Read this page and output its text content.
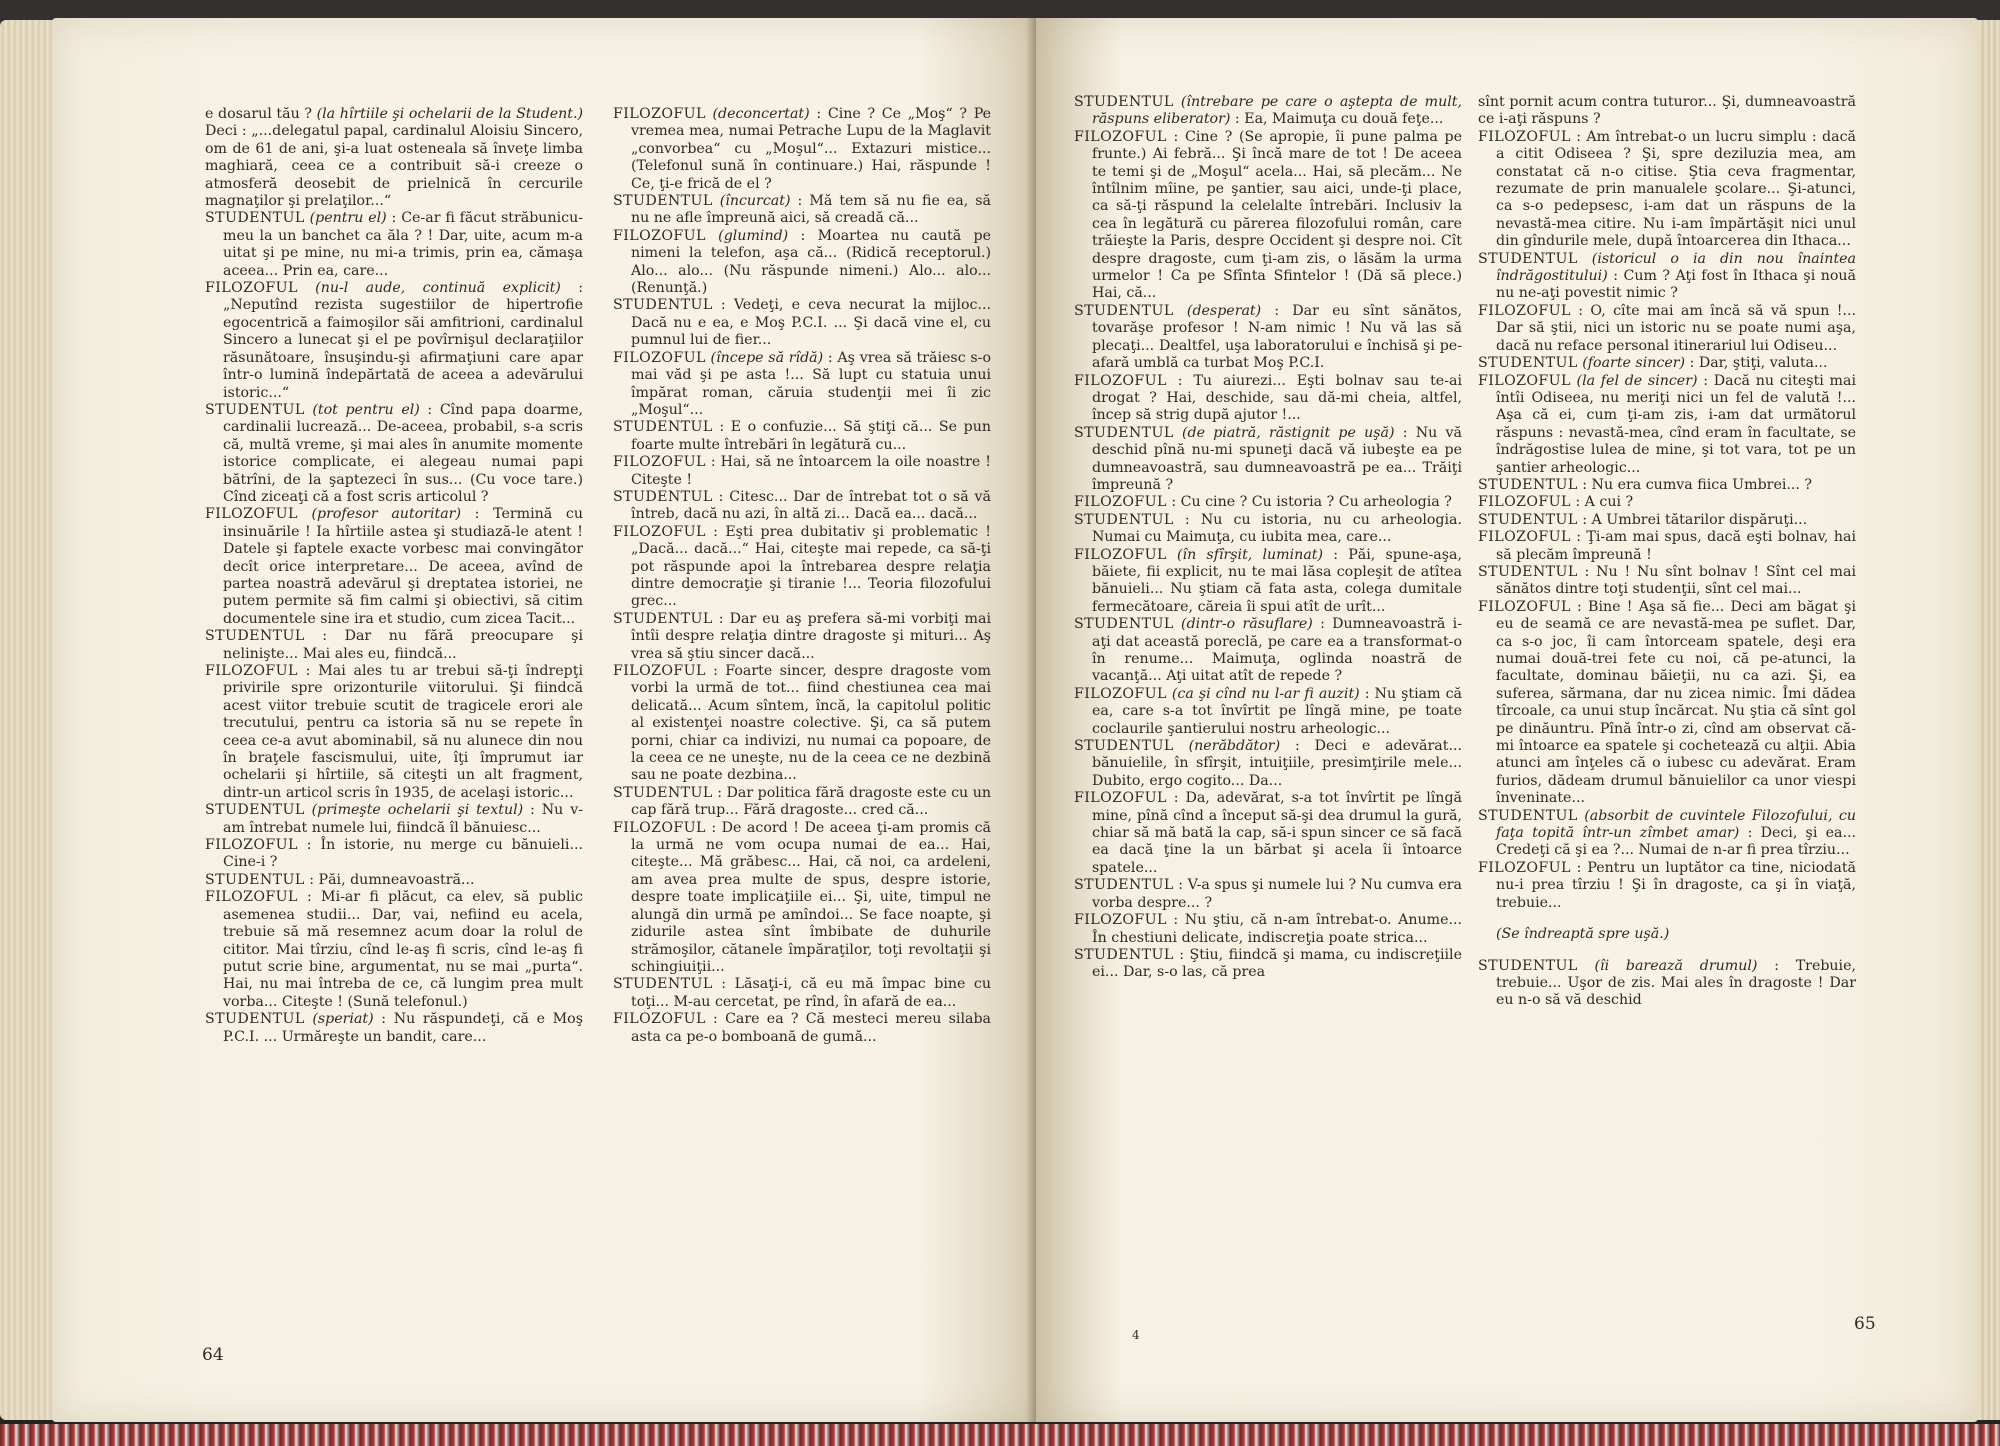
e dosarul tău ? (la hîrtiile şi ochelarii de la Student.) Deci : „...delegatul papal, cardinalul Aloisiu Sincero, om de 61 de ani, şi-a luat osteneala să înveţe limba maghiară, ceea ce a contribuit să-i creeze o atmosferă deosebit de prielnică în cercurile magnaţilor şi prelaţilor...“

STUDENTUL (pentru el) : Ce-ar fi făcut străbunicu-meu la un banchet ca ăla ? ! Dar, uite, acum m-a uitat şi pe mine, nu mi-a trimis, prin ea, cămaşa aceea... Prin ea, care...

FILOZOFUL (nu-l aude, continuă explicit) : „Neputînd rezista sugestiilor de hipertrofie egocentrică a faimoşilor săi amfitrioni, cardinalul Sincero a lunecat şi el pe povîrnişul declaraţiilor răsunătoare, însuşindu-şi afirmaţiuni care apar într-o lumină îndepărtată de aceea a adevărului istoric...“

STUDENTUL (tot pentru el) : Cînd papa doarme, cardinalii lucrează... De-aceea, probabil, s-a scris că, multă vreme, şi mai ales în anumite momente istorice complicate, ei alegeau numai papi bătrîni, de la şaptezeci în sus... (Cu voce tare.) Cînd ziceaţi că a fost scris articolul ?

FILOZOFUL (profesor autoritar) : Termină cu insinuările ! Ia hîrtiile astea şi studiază-le atent ! Datele şi faptele exacte vorbesc mai convingător decît orice interpretare... De aceea, avînd de partea noastră adevărul şi dreptatea istoriei, ne putem permite să fim calmi şi obiectivi, să citim documentele sine ira et studio, cum zicea Tacit...

STUDENTUL : Dar nu fără preocupare şi nelinişte... Mai ales eu, fiindcă...

FILOZOFUL : Mai ales tu ar trebui să-ţi îndrepţi privirile spre orizonturile viitorului. Şi fiindcă acest viitor trebuie scutit de tragicele erori ale trecutului, pentru ca istoria să nu se repete în ceea ce-a avut abominabil, să nu alunece din nou în braţele fascismului, uite, îţi împrumut iar ochelarii şi hîrtiile, să citeşti un alt fragment, dintr-un articol scris în 1935, de acelaşi istoric...

STUDENTUL (primeşte ochelarii şi textul) : Nu v-am întrebat numele lui, fiindcă îl bănuiesc...

FILOZOFUL : În istorie, nu merge cu bănuieli... Cine-i ?

STUDENTUL : Păi, dumneavoastră...

FILOZOFUL : Mi-ar fi plăcut, ca elev, să public asemenea studii... Dar, vai, nefiind eu acela, trebuie să mă resemnez acum doar la rolul de cititor. Mai tîrziu, cînd le-aş fi scris, cînd le-aş fi putut scrie bine, argumentat, nu se mai „purta“. Hai, nu mai întreba de ce, că lungim prea mult vorba... Citeşte ! (Sună telefonul.)

STUDENTUL (speriat) : Nu răspundeţi, că e Moş P.C.I. ... Urmăreşte un bandit, care...

FILOZOFUL (deconcertat) : Cine ? Ce „Moş“ ? Pe vremea mea, numai Petrache Lupu de la Maglavit „convorbea“ cu „Moşul“... Extazuri mistice... (Telefonul sună în continuare.) Hai, răspunde ! Ce, ţi-e frică de el ?

STUDENTUL (încurcat) : Mă tem să nu fie ea, să nu ne afle împreună aici, să creadă că...

FILOZOFUL (glumind) : Moartea nu caută pe nimeni la telefon, aşa că... (Ridică receptorul.) Alo... alo... (Nu răspunde nimeni.) Alo... alo... (Renunţă.)

STUDENTUL : Vedeţi, e ceva necurat la mijloc... Dacă nu e ea, e Moş P.C.I. ... Şi dacă vine el, cu pumnul lui de fier...

FILOZOFUL (începe să rîdă) : Aş vrea să trăiesc s-o mai văd şi pe asta !... Să lupt cu statuia unui împărat roman, căruia studenţii mei îi zic „Moşul“...

STUDENTUL : E o confuzie... Să ştiţi că... Se pun foarte multe întrebări în legătură cu...

FILOZOFUL : Hai, să ne întoarcem la oile noastre ! Citeşte !

STUDENTUL : Citesc... Dar de întrebat tot o să vă întreb, dacă nu azi, în altă zi... Dacă ea... dacă...

FILOZOFUL : Eşti prea dubitativ şi problematic ! „Dacă... dacă...“ Hai, citeşte mai repede, ca să-ţi pot răspunde apoi la întrebarea despre relaţia dintre democraţie şi tiranie !... Teoria filozofului grec...

STUDENTUL : Dar eu aş prefera să-mi vorbiţi mai întîi despre relaţia dintre dragoste şi mituri... Aş vrea să ştiu sincer dacă...

FILOZOFUL : Foarte sincer, despre dragoste vom vorbi la urmă de tot... fiind chestiunea cea mai delicată... Acum sîntem, încă, la capitolul politic al existenţei noastre colective. Şi, ca să putem porni, chiar ca indivizi, nu numai ca popoare, de la ceea ce ne uneşte, nu de la ceea ce ne dezbină sau ne poate dezbina...

STUDENTUL : Dar politica fără dragoste este cu un cap fără trup... Fără dragoste... cred că...

FILOZOFUL : De acord ! De aceea ţi-am promis că la urmă ne vom ocupa numai de ea... Hai, citeşte... Mă grăbesc... Hai, că noi, ca ardeleni, am avea prea multe de spus, despre istorie, despre toate implicaţiile ei... Şi, uite, timpul ne alungă din urmă pe amîndoi... Se face noapte, şi zidurile astea sînt îmbibate de duhurile strămoşilor, cătanele împăraţilor, toţi revoltaţii şi schingiuiţii...

STUDENTUL : Lăsaţi-i, că eu mă împac bine cu toţi... M-au cercetat, pe rînd, în afară de ea...

FILOZOFUL : Care ea ? Că mesteci mereu silaba asta ca pe-o bomboană de gumă...

64

STUDENTUL (întrebare pe care o aştepta de mult, răspuns eliberator) : Ea, Maimuţa cu două feţe...

FILOZOFUL : Cine ? (Se apropie, îi pune palma pe frunte.) Ai febră... Şi încă mare de tot ! De aceea te temi şi de „Moşul“ acela... Hai, să plecăm... Ne întîlnim mîine, pe şantier, sau aici, unde-ţi place, ca să-ţi răspund la celelalte întrebări. Inclusiv la cea în legătură cu părerea filozofului român, care trăieşte la Paris, despre Occident şi despre noi. Cît despre dragoste, cum ţi-am zis, o lăsăm la urma urmelor ! Ca pe Sfînta Sfintelor ! (Dă să plece.) Hai, că...

STUDENTUL (desperat) : Dar eu sînt sănătos, tovarăşe profesor ! N-am nimic ! Nu vă las să plecaţi... Dealtfel, uşa laboratorului e închisă şi pe-afară umblă ca turbat Moş P.C.I.

FILOZOFUL : Tu aiurezi... Eşti bolnav sau te-ai drogat ? Hai, deschide, sau dă-mi cheia, altfel, încep să strig după ajutor !...

STUDENTUL (de piatră, răstignit pe uşă) : Nu vă deschid pînă nu-mi spuneţi dacă vă iubeşte ea pe dumneavoastră, sau dumneavoastră pe ea... Trăiţi împreună ?

FILOZOFUL : Cu cine ? Cu istoria ? Cu arheologia ?

STUDENTUL : Nu cu istoria, nu cu arheologia. Numai cu Maimuţa, cu iubita mea, care...

FILOZOFUL (în sfîrşit, luminat) : Păi, spune-aşa, băiete, fii explicit, nu te mai lăsa copleşit de atîtea bănuieli... Nu ştiam că fata asta, colega dumitale fermecătoare, căreia îi spui atît de urît...

STUDENTUL (dintr-o răsuflare) : Dumneavoastră i-aţi dat această poreclă, pe care ea a transformat-o în renume... Maimuţa, oglinda noastră de vacanţă... Aţi uitat atît de repede ?

FILOZOFUL (ca şi cînd nu l-ar fi auzit) : Nu ştiam că ea, care s-a tot învîrtit pe lîngă mine, pe toate coclaurile şantierului nostru arheologic...

STUDENTUL (nerăbdător) : Deci e adevărat... bănuielile, în sfîrşit, intuiţiile, presimţirile mele... Dubito, ergo cogito... Da...

FILOZOFUL : Da, adevărat, s-a tot învîrtit pe lîngă mine, pînă cînd a început să-şi dea drumul la gură, chiar să mă bată la cap, să-i spun sincer ce să facă ea dacă ţine la un bărbat şi acela îi întoarce spatele...

STUDENTUL : V-a spus şi numele lui ? Nu cumva era vorba despre... ?

FILOZOFUL : Nu ştiu, că n-am întrebat-o. Anume... În chestiuni delicate, indiscreţia poate strica...

STUDENTUL : Ştiu, fiindcă şi mama, cu indiscreţiile ei... Dar, s-o las, că prea

sînt pornit acum contra tuturor... Şi, dumneavoastră ce i-aţi răspuns ?

FILOZOFUL : Am întrebat-o un lucru simplu : dacă a citit Odiseea ? Şi, spre deziluzia mea, am constatat că n-o citise. Ştia ceva fragmentar, rezumate de prin manualele şcolare... Şi-atunci, ca s-o pedepsesc, i-am dat un răspuns de la nevastă-mea citire. Nu i-am împărtăşit nici unul din gîndurile mele, după întoarcerea din Ithaca...

STUDENTUL (istoricul o ia din nou înaintea îndrăgostitului) : Cum ? Aţi fost în Ithaca şi nouă nu ne-aţi povestit nimic ?

FILOZOFUL : O, cîte mai am încă să vă spun !... Dar să ştii, nici un istoric nu se poate numi aşa, dacă nu reface personal itinerariul lui Odiseu...

STUDENTUL (foarte sincer) : Dar, ştiţi, valuta...

FILOZOFUL (la fel de sincer) : Dacă nu citeşti mai întîi Odiseea, nu meriţi nici un fel de valută !... Aşa că ei, cum ţi-am zis, i-am dat următorul răspuns : nevastă-mea, cînd eram în facultate, se îndrăgostise lulea de mine, şi tot vara, tot pe un şantier arheologic...

STUDENTUL : Nu era cumva fiica Umbrei... ?

FILOZOFUL : A cui ?

STUDENTUL : A Umbrei tătarilor dispăruţi...

FILOZOFUL : Ţi-am mai spus, dacă eşti bolnav, hai să plecăm împreună !

STUDENTUL : Nu ! Nu sînt bolnav ! Sînt cel mai sănătos dintre toţi studenţii, sînt cel mai...

FILOZOFUL : Bine ! Aşa să fie... Deci am băgat şi eu de seamă ce are nevastă-mea pe suflet. Dar, ca s-o joc, îi cam întorceam spatele, deşi era numai două-trei fete cu noi, că pe-atunci, la facultate, dominau băieţii, nu ca azi. Şi, ea suferea, sărmana, dar nu zicea nimic. Îmi dădea tîrcoale, ca unui stup încărcat. Nu ştia că sînt gol pe dinăuntru. Pînă într-o zi, cînd am observat că-mi întoarce ea spatele şi cochetează cu alţii. Abia atunci am înţeles că o iubesc cu adevărat. Eram furios, dădeam drumul bănuielilor ca unor viespi înveninate...

STUDENTUL (absorbit de cuvintele Filozofului, cu faţa topită într-un zîmbet amar) : Deci, şi ea... Credeţi că şi ea ?... Numai de n-ar fi prea tîrziu...

FILOZOFUL : Pentru un luptător ca tine, niciodată nu-i prea tîrziu ! Şi în dragoste, ca şi în viaţă, trebuie...

(Se îndreaptă spre uşă.)

STUDENTUL (îi barează drumul) : Trebuie, trebuie... Uşor de zis. Mai ales în dragoste ! Dar eu n-o să vă deschid

4
65
